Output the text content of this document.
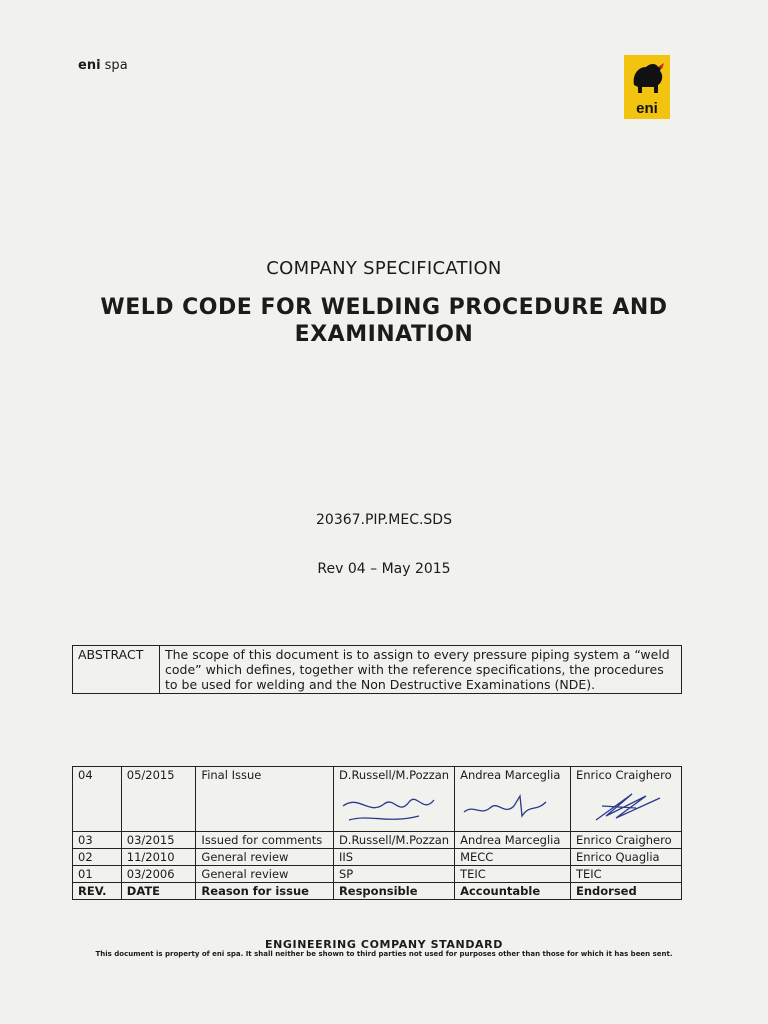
eni spa
eni
COMPANY SPECIFICATION
WELD CODE FOR WELDING PROCEDURE AND
EXAMINATION
20367.PIP.MEC.SDS
Rev 04 – May 2015
ABSTRACT	The scope of this document is to assign to every pressure piping system a “weld code” which defines, together with the reference specifications, the procedures to be used for welding and the Non Destructive Examinations (NDE).
04	05/2015	Final Issue	D.Russell/M.Pozzan	Andrea Marceglia	Enrico Craighero

03	03/2015	Issued for comments	D.Russell/M.Pozzan	Andrea Marceglia	Enrico Craighero
02	11/2010	General review	IIS	MECC	Enrico Quaglia
01	03/2006	General review	SP	TEIC	TEIC
REV.	DATE	Reason for issue	Responsible	Accountable	Endorsed
ENGINEERING COMPANY STANDARD
This document is property of eni spa. It shall neither be shown to third parties not used for purposes other than those for which it has been sent.
